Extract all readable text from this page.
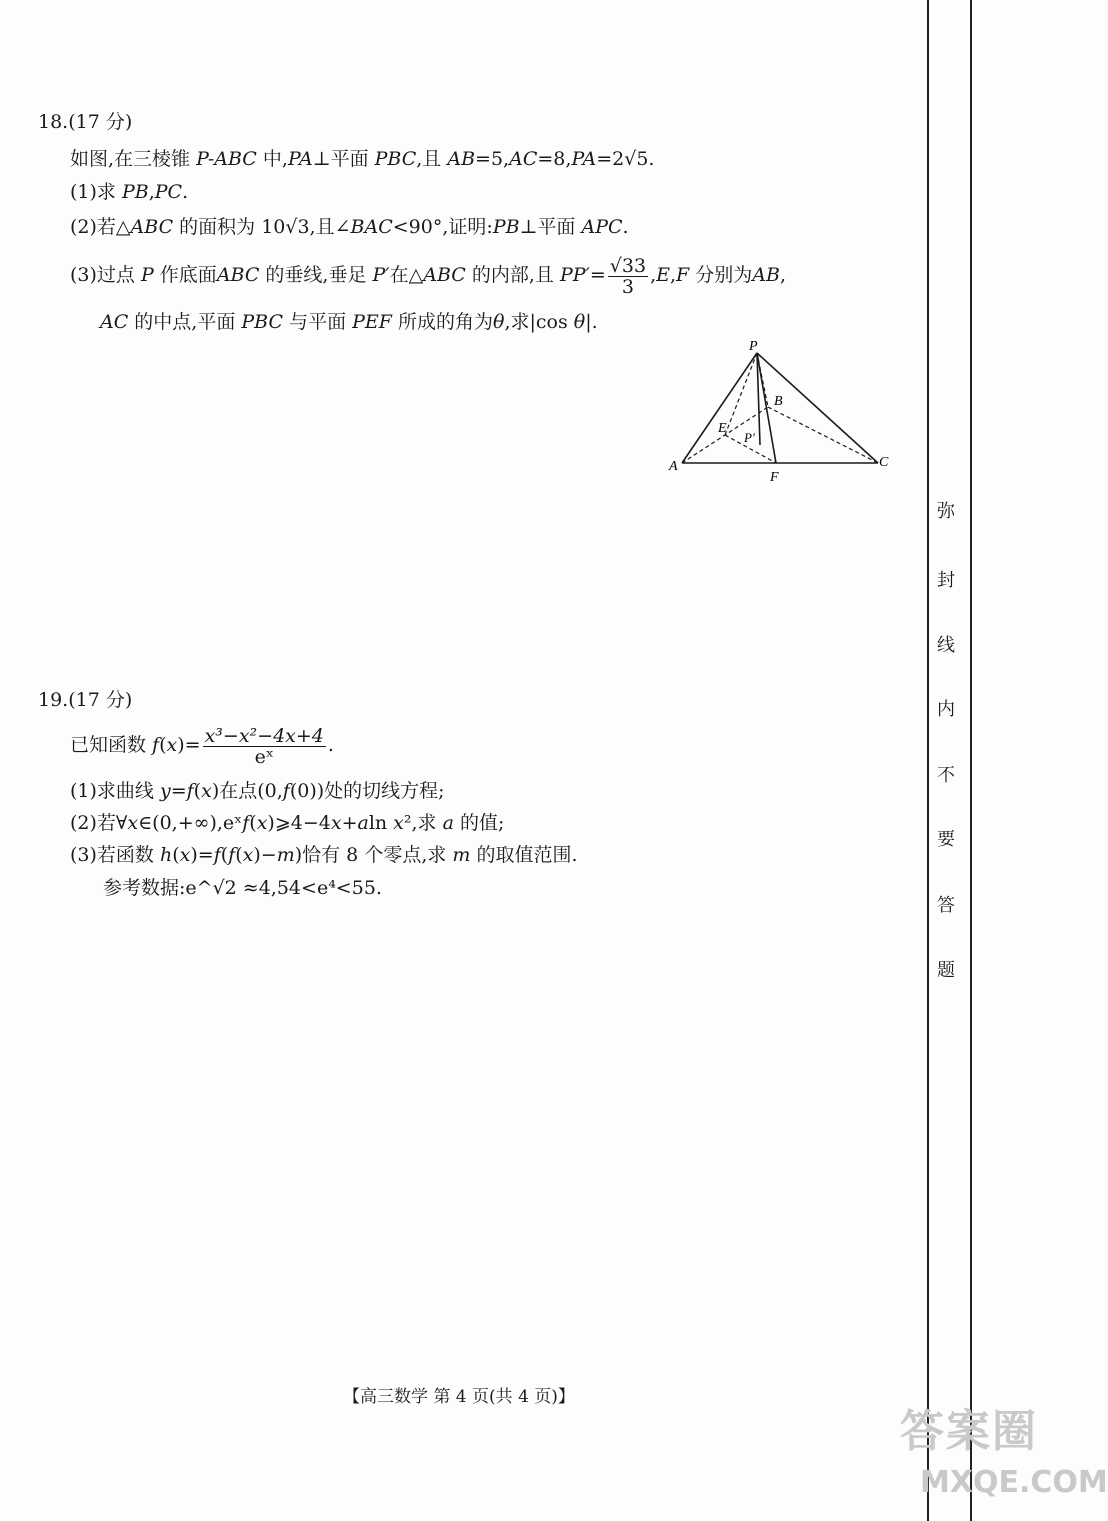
弥
封
线
内
不
要
答
题
18.(17 分)
如图,在三棱锥 P-ABC 中,PA⊥平面 PBC,且 AB=5,AC=8,PA=2√5.
(1)求 PB,PC.
(2)若△ABC 的面积为 10√3,且∠BAC<90°,证明:PB⊥平面 APC.
(3)过点 P 作底面ABC 的垂线,垂足 P′在△ABC 的内部,且 $PP'= \frac{√33}{3} ,E,F$ 分别为AB,
AC 的中点,平面 PBC 与平面 PEF 所成的角为θ,求|cos θ|.
P
B
E
P′
A
F
C
19.(17 分)
已知函数 $f(x)= \frac{\text{x³−x²−4x+4}}{\text{eˣ}}$ .
(1)求曲线 y=f(x)在点(0,f(0))处的切线方程;
(2)若∀x∈(0,+∞),eˣf(x)⩾4−4x+aln x²,求 a 的值;
(3)若函数 h(x)=f(f(x)−m)恰有 8 个零点,求 m 的取值范围.
参考数据:e^√2 ≈4,54<e⁴<55.
【高三数学 第 4 页(共 4 页)】
答案圈
MXQE.COM
